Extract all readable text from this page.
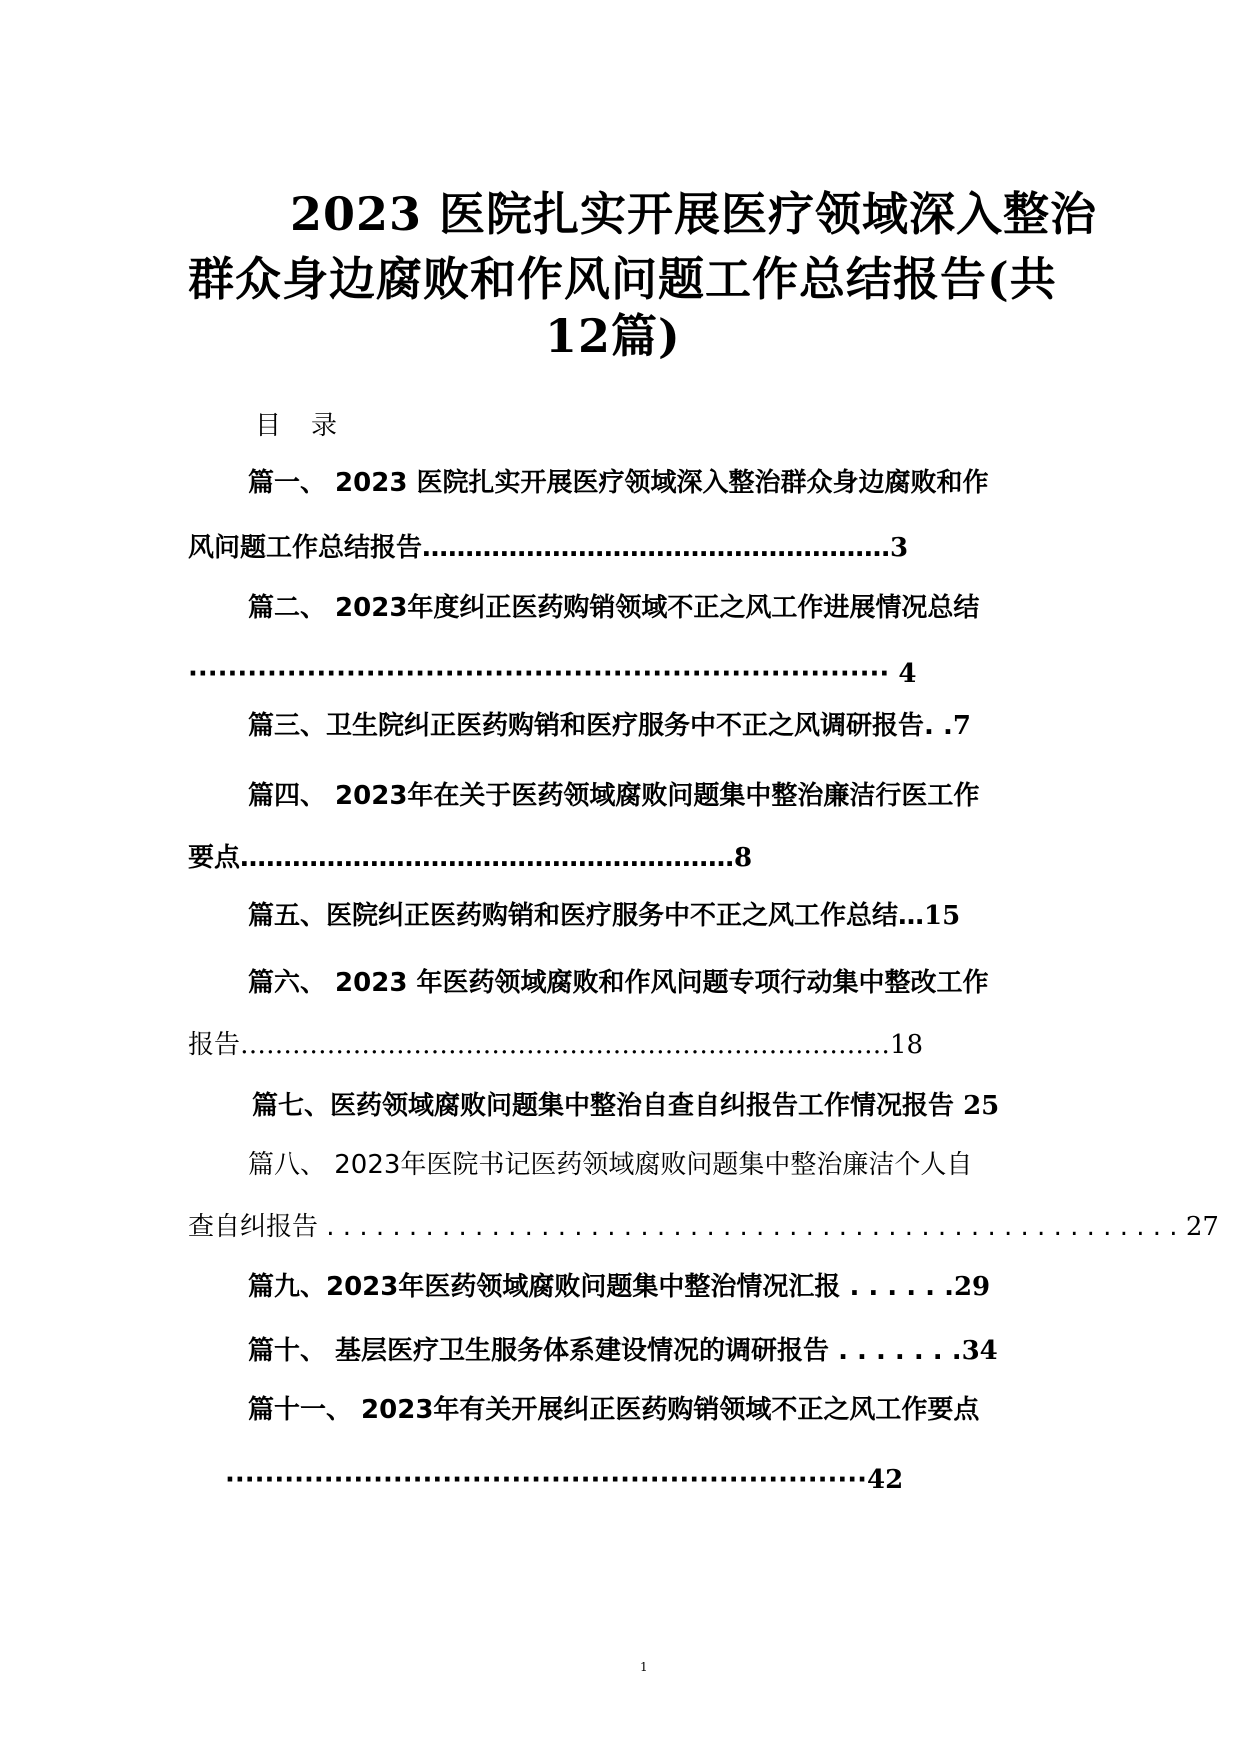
2023 医院扎实开展医疗领域深入整治
群众身边腐败和作风问题工作总结报告(共
12篇)
目录
篇一、 2023 医院扎实开展医疗领域深入整治群众身边腐败和作
风问题工作总结报告………………………………………………3
篇二、 2023年度纠正医药购销领域不正之风工作进展情况总结
······································································· 4
篇三、卫生院纠正医药购销和医疗服务中不正之风调研报告. .7
篇四、 2023年在关于医药领域腐败问题集中整治廉洁行医工作
要点…………………………………………………8
篇五、医院纠正医药购销和医疗服务中不正之风工作总结…15
篇六、 2023 年医药领域腐败和作风问题专项行动集中整改工作
报告…………………………………………………………………18
篇七、医药领域腐败问题集中整治自查自纠报告工作情况报告 25
篇八、 2023年医院书记医药领域腐败问题集中整治廉洁个人自
查自纠报告 . . . . . . . . . . . . . . . . . . . . . . . . . . . . . . . . . . . . . . . . . . . . . . . . . . . . 27
篇九、2023年医药领域腐败问题集中整治情况汇报 . . . . . .29
篇十、 基层医疗卫生服务体系建设情况的调研报告 . . . . . . .34
篇十一、 2023年有关开展纠正医药购销领域不正之风工作要点
·································································42
1
